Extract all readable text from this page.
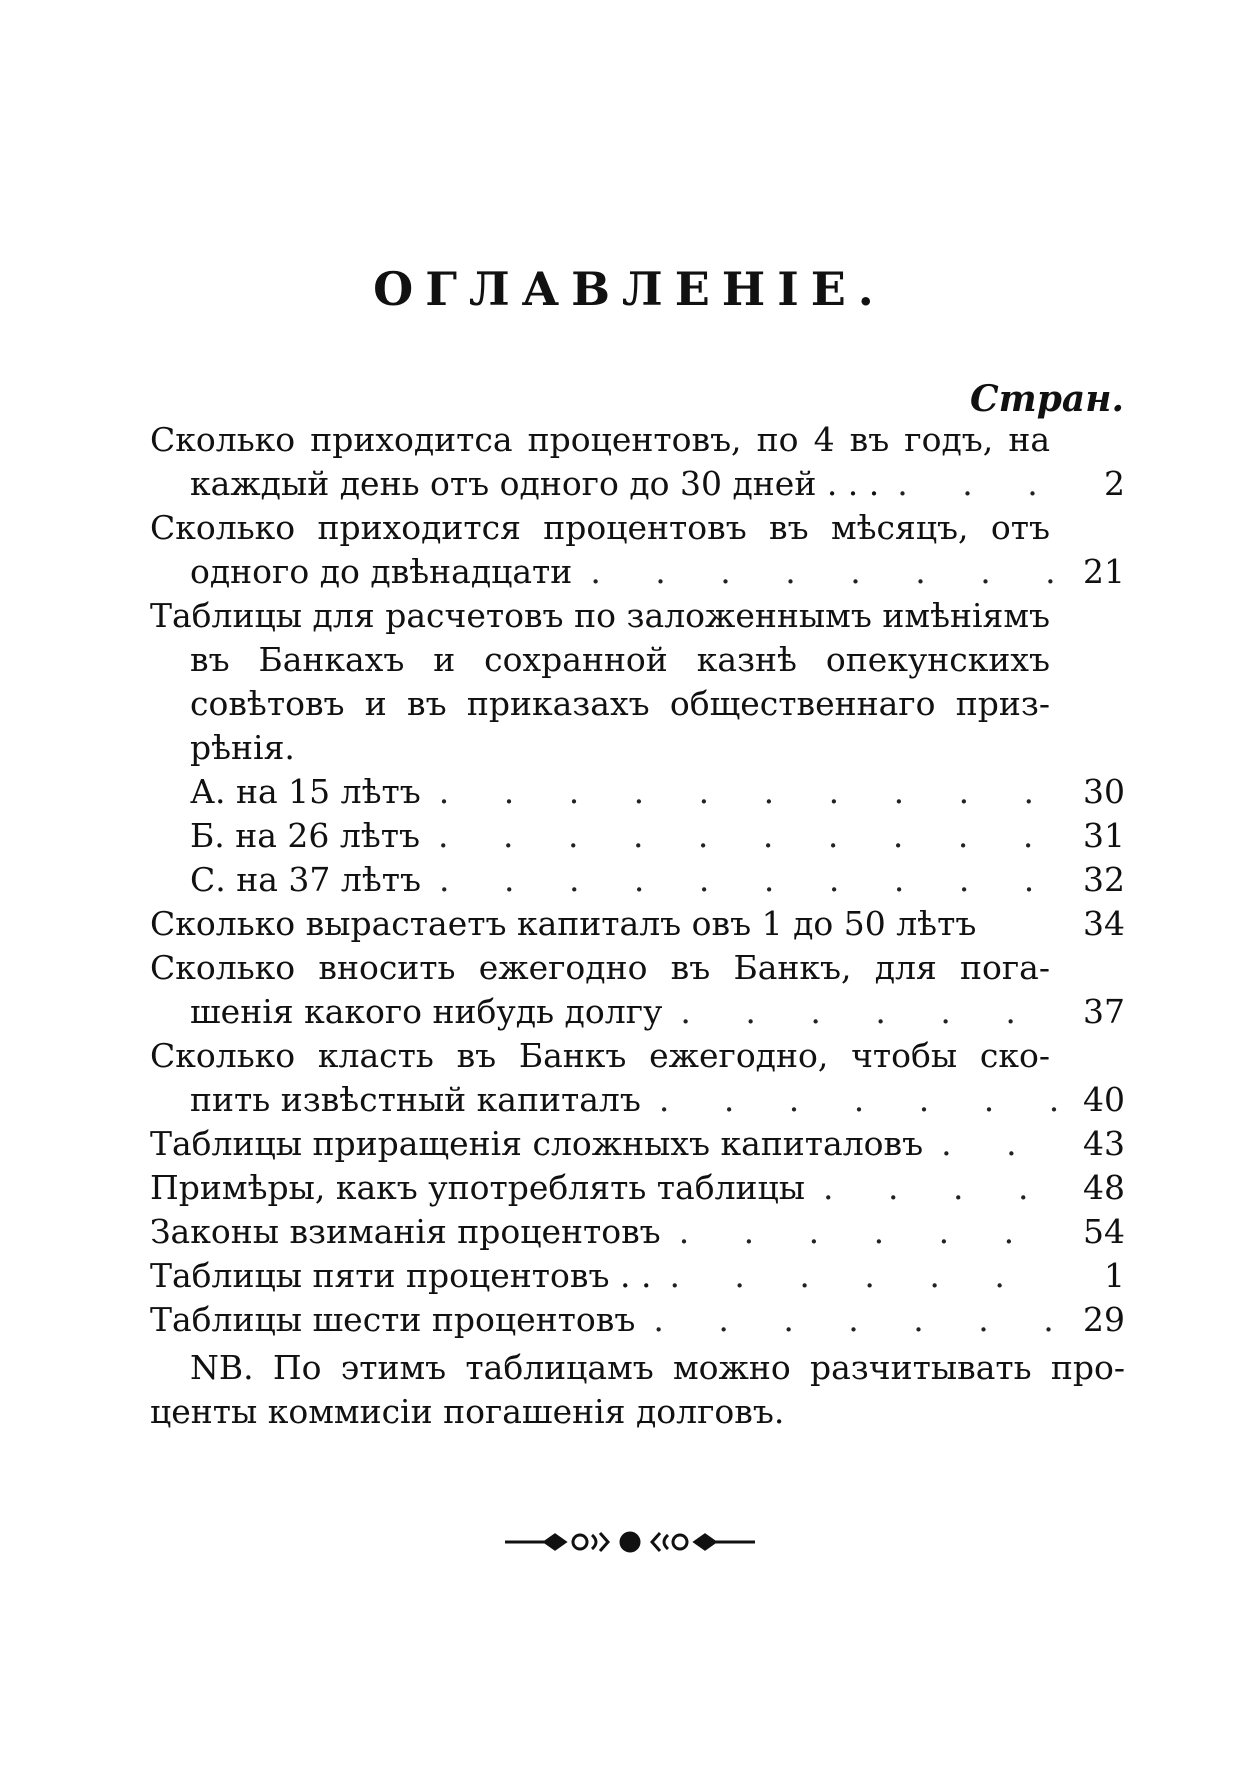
ОГЛАВЛЕНІЕ.
Стран.
Сколько приходитса процентовъ, по 4 въ годъ, на
каждый день отъ одного до 30 дней . . . . . .	2
Сколько приходится процентовъ въ мѣсяцъ, отъ
одного до двѣнадцати . . .	21
Таблицы для расчетовъ по заложеннымъ имѣніямъ
въ Банкахъ и сохранной казнѣ опекунскихъ
совѣтовъ и въ приказахъ общественнаго приз-
рѣнія.
А. на 15 лѣтъ . . .	30
Б. на 26 лѣтъ . . .	31
С. на 37 лѣтъ . . .	32
Сколько вырастаетъ капиталъ овъ 1 до 50 лѣтъ	34
Сколько вносить ежегодно въ Банкъ, для пога-
шенія какого нибудь долгу . . .	37
Сколько класть въ Банкъ ежегодно, чтобы ско-
пить извѣстный капиталъ . . .	40
Таблицы приращенія сложныхъ капиталовъ . . .	43
Примѣры, какъ употреблять таблицы . . .	48
Законы взиманія процентовъ . . .	54
Таблицы пяти процентовъ . . . . .	1
Таблицы шести процентовъ . . .	29
NB. По этимъ таблицамъ можно разчитывать про-
центы коммисіи погашенія долговъ.
